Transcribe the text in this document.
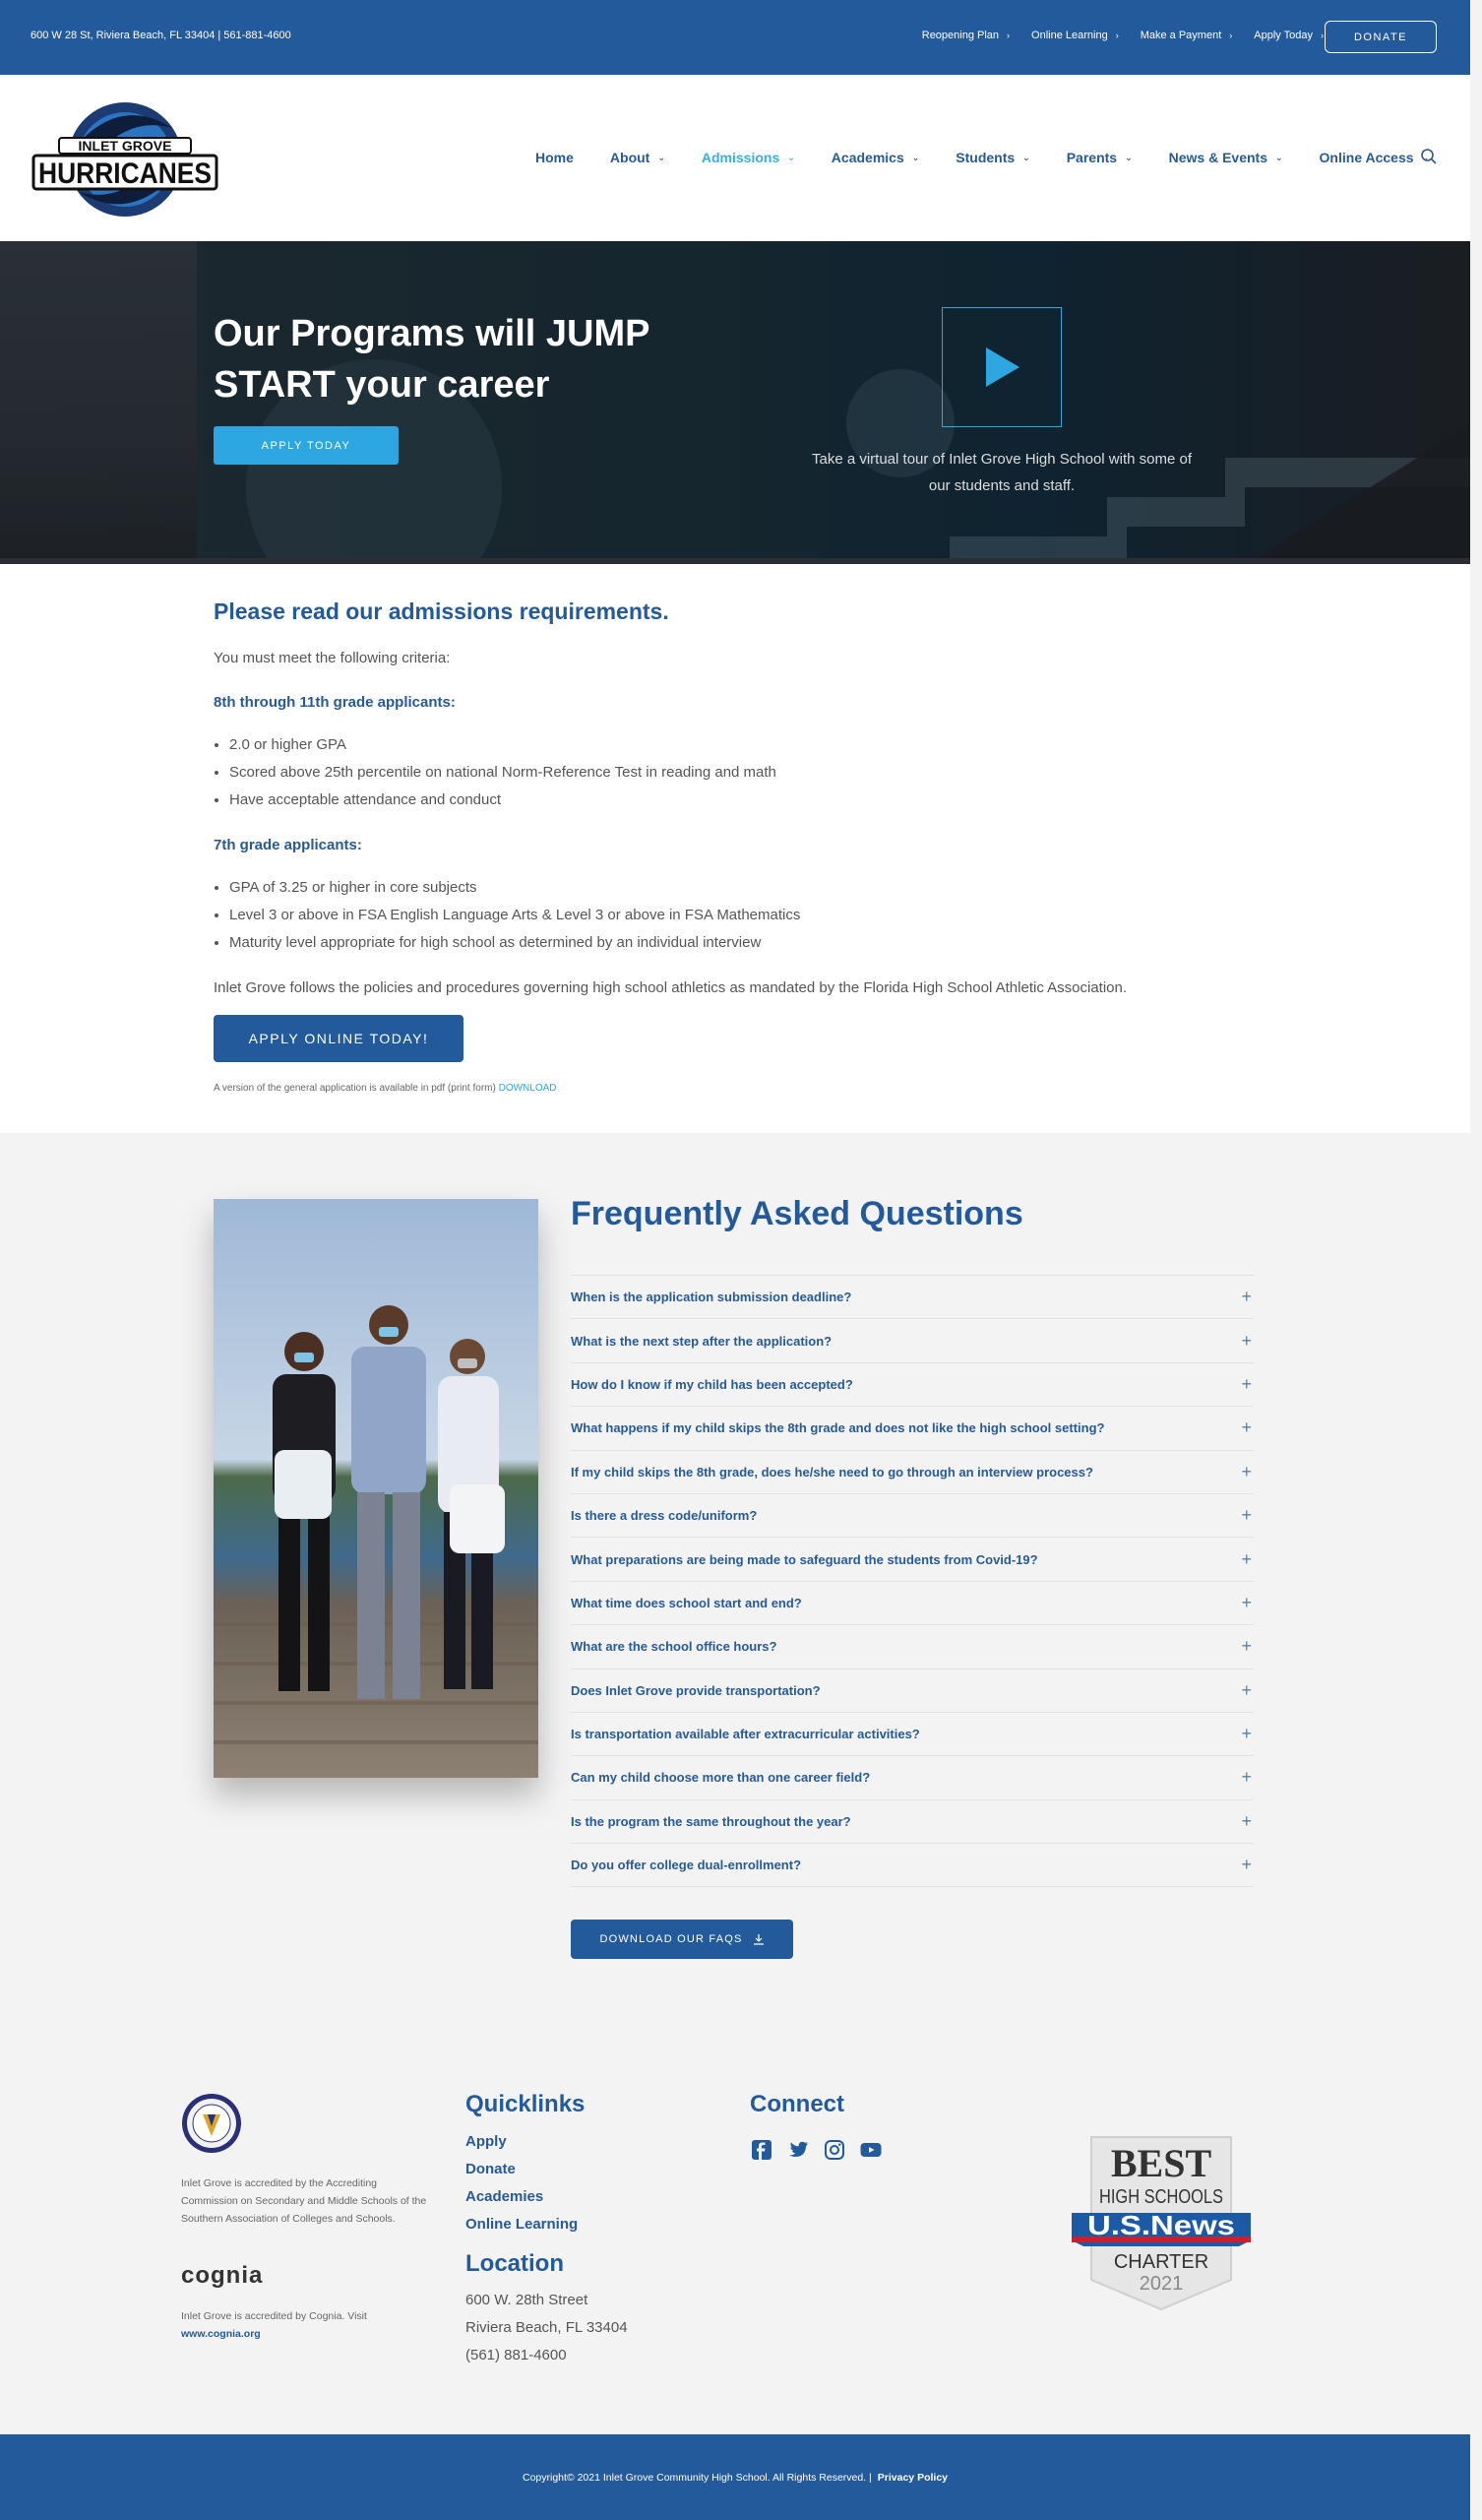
600 W 28 St, Riviera Beach, FL 33404 | 561-881-4600	Reopening Plan › Online Learning › Make a Payment › Apply Today ›	DONATE
INLET GROVE
HURRICANES	Home	About ⌄	Admissions ⌄	Academics ⌄	Students ⌄	Parents ⌄	News & Events ⌄	Online Access ⌄
Our Programs will JUMP START your career
APPLY TODAY
Take a virtual tour of Inlet Grove High School with some of our students and staff.
Please read our admissions requirements.
You must meet the following criteria:
8th through 11th grade applicants:
• 2.0 or higher GPA
• Scored above 25th percentile on national Norm-Reference Test in reading and math
• Have acceptable attendance and conduct
7th grade applicants:
• GPA of 3.25 or higher in core subjects
• Level 3 or above in FSA English Language Arts & Level 3 or above in FSA Mathematics
• Maturity level appropriate for high school as determined by an individual interview
Inlet Grove follows the policies and procedures governing high school athletics as mandated by the Florida High School Athletic Association.
APPLY ONLINE TODAY!
A version of the general application is available in pdf (print form) DOWNLOAD
Frequently Asked Questions
When is the application submission deadline?	+
What is the next step after the application?	+
How do I know if my child has been accepted?	+
What happens if my child skips the 8th grade and does not like the high school setting?	+
If my child skips the 8th grade, does he/she need to go through an interview process?	+
Is there a dress code/uniform?	+
What preparations are being made to safeguard the students from Covid-19?	+
What time does school start and end?	+
What are the school office hours?	+
Does Inlet Grove provide transportation?	+
Is transportation available after extracurricular activities?	+
Can my child choose more than one career field?	+
Is the program the same throughout the year?	+
Do you offer college dual-enrollment?	+
DOWNLOAD OUR FAQS
Inlet Grove is accredited by the Accrediting Commission on Secondary and Middle Schools of the Southern Association of Colleges and Schools.
cognia
Inlet Grove is accredited by Cognia. Visit
www.cognia.org
Quicklinks
Apply
Donate
Academies
Online Learning
Location
600 W. 28th Street
Riviera Beach, FL 33404
(561) 881-4600
Connect
BEST
HIGH SCHOOLS
U.S.News
CHARTER
2021
Copyright© 2021 Inlet Grove Community High School. All Rights Reserved. | Privacy Policy
